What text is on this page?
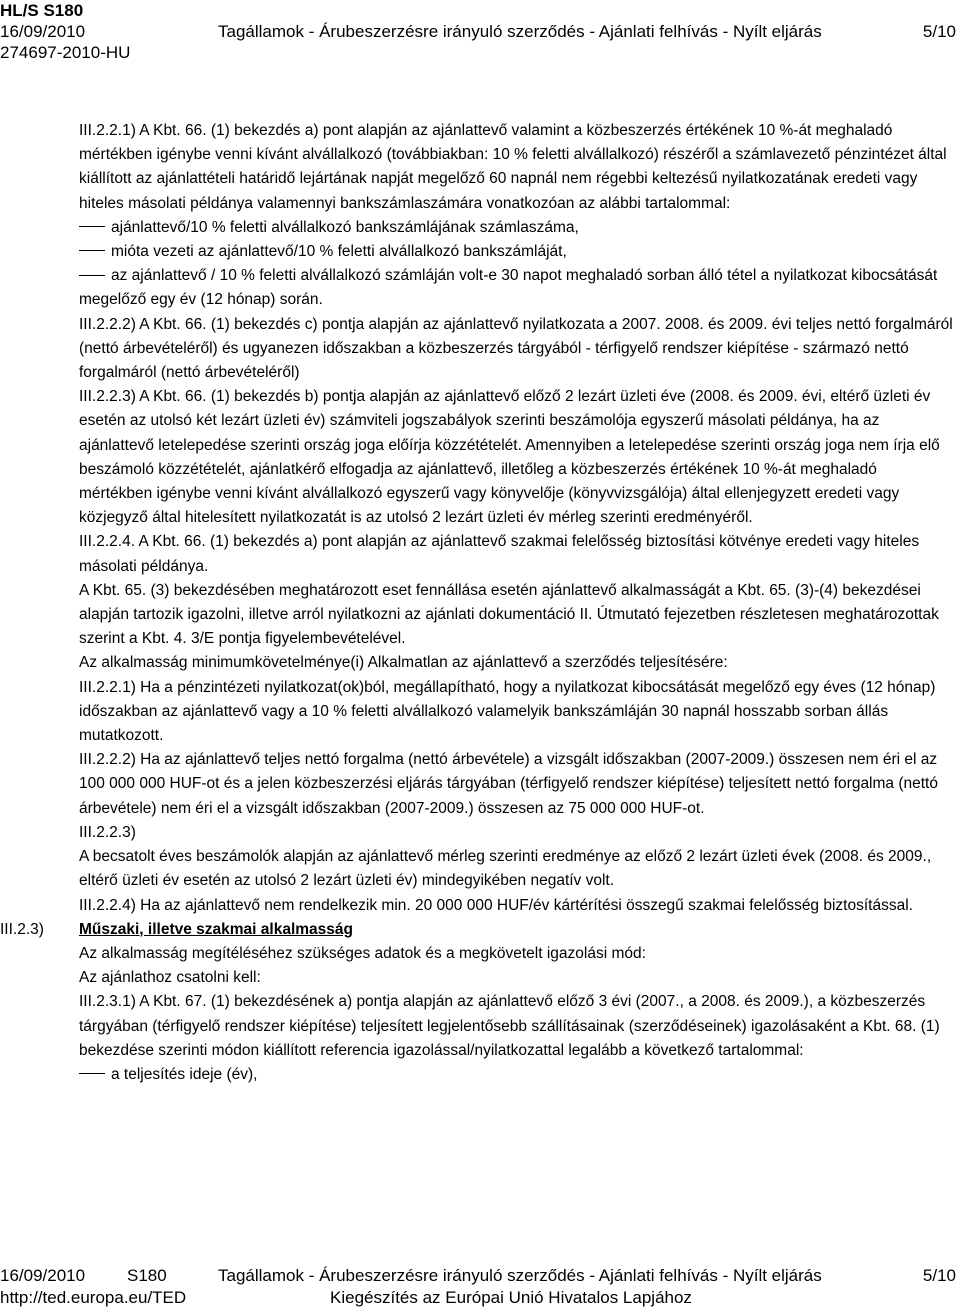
HL/S S180
16/09/2010	Tagállamok - Árubeszerzésre irányuló szerződés - Ajánlati felhívás - Nyílt eljárás	5/10
274697-2010-HU

III.2.2.1) A Kbt. 66. (1) bekezdés a) pont alapján az ajánlattevő valamint a közbeszerzés értékének 10 %-át meghaladó mértékben igénybe venni kívánt alvállalkozó (továbbiakban: 10 % feletti alvállalkozó) részéről a számlavezető pénzintézet által kiállított az ajánlattételi határidő lejártának napját megelőző 60 napnál nem régebbi keltezésű nyilatkozatának eredeti vagy hiteles másolati példánya valamennyi bankszámlaszámára vonatkozóan az alábbi tartalommal:

ajánlattevő/10 % feletti alvállalkozó bankszámlájának számlaszáma,

mióta vezeti az ajánlattevő/10 % feletti alvállalkozó bankszámláját,

az ajánlattevő / 10 % feletti alvállalkozó számláján volt-e 30 napot meghaladó sorban álló tétel a nyilatkozat kibocsátását megelőző egy év (12 hónap) során.

III.2.2.2) A Kbt. 66. (1) bekezdés c) pontja alapján az ajánlattevő nyilatkozata a 2007. 2008. és 2009. évi teljes nettó forgalmáról (nettó árbevételéről) és ugyanezen időszakban a közbeszerzés tárgyából - térfigyelő rendszer kiépítése - származó nettó forgalmáról (nettó árbevételéről)

III.2.2.3) A Kbt. 66. (1) bekezdés b) pontja alapján az ajánlattevő előző 2 lezárt üzleti éve (2008. és 2009. évi, eltérő üzleti év esetén az utolsó két lezárt üzleti év) számviteli jogszabályok szerinti beszámolója egyszerű másolati példánya, ha az ajánlattevő letelepedése szerinti ország joga előírja közzétételét. Amennyiben a letelepedése szerinti ország joga nem írja elő beszámoló közzétételét, ajánlatkérő elfogadja az ajánlattevő, illetőleg a közbeszerzés értékének 10 %-át meghaladó mértékben igénybe venni kívánt alvállalkozó egyszerű vagy könyvelője (könyvvizsgálója) által ellenjegyzett eredeti vagy közjegyző által hitelesített nyilatkozatát is az utolsó 2 lezárt üzleti év mérleg szerinti eredményéről.

III.2.2.4. A Kbt. 66. (1) bekezdés a) pont alapján az ajánlattevő szakmai felelősség biztosítási kötvénye eredeti vagy hiteles másolati példánya.

A Kbt. 65. (3) bekezdésében meghatározott eset fennállása esetén ajánlattevő alkalmasságát a Kbt. 65. (3)-(4) bekezdései alapján tartozik igazolni, illetve arról nyilatkozni az ajánlati dokumentáció II. Útmutató fejezetben részletesen meghatározottak szerint a Kbt. 4. 3/E pontja figyelembevételével.

Az alkalmasság minimumkövetelménye(i) Alkalmatlan az ajánlattevő a szerződés teljesítésére:

III.2.2.1) Ha a pénzintézeti nyilatkozat(ok)ból, megállapítható, hogy a nyilatkozat kibocsátását megelőző egy éves (12 hónap) időszakban az ajánlattevő vagy a 10 % feletti alvállalkozó valamelyik bankszámláján 30 napnál hosszabb sorban állás mutatkozott.

III.2.2.2) Ha az ajánlattevő teljes nettó forgalma (nettó árbevétele) a vizsgált időszakban (2007-2009.) összesen nem éri el az 100 000 000 HUF-ot és a jelen közbeszerzési eljárás tárgyában (térfigyelő rendszer kiépítése) teljesített nettó forgalma (nettó árbevétele) nem éri el a vizsgált időszakban (2007-2009.) összesen az 75 000 000 HUF-ot.

III.2.2.3)

A becsatolt éves beszámolók alapján az ajánlattevő mérleg szerinti eredménye az előző 2 lezárt üzleti évek (2008. és 2009., eltérő üzleti év esetén az utolsó 2 lezárt üzleti év) mindegyikében negatív volt.

III.2.2.4) Ha az ajánlattevő nem rendelkezik min. 20 000 000 HUF/év kártérítési összegű szakmai felelősség biztosítással.

III.2.3) Műszaki, illetve szakmai alkalmasság

Az alkalmasság megítéléséhez szükséges adatok és a megkövetelt igazolási mód:

Az ajánlathoz csatolni kell:

III.2.3.1) A Kbt. 67. (1) bekezdésének a) pontja alapján az ajánlattevő előző 3 évi (2007., a 2008. és 2009.), a közbeszerzés tárgyában (térfigyelő rendszer kiépítése) teljesített legjelentősebb szállításainak (szerződéseinek) igazolásaként a Kbt. 68. (1) bekezdése szerinti módon kiállított referencia igazolással/nyilatkozattal legalább a következő tartalommal:

a teljesítés ideje (év),

16/09/2010 S180	Tagállamok - Árubeszerzésre irányuló szerződés - Ajánlati felhívás - Nyílt eljárás	5/10
http://ted.europa.eu/TED	Kiegészítés az Európai Unió Hivatalos Lapjához
